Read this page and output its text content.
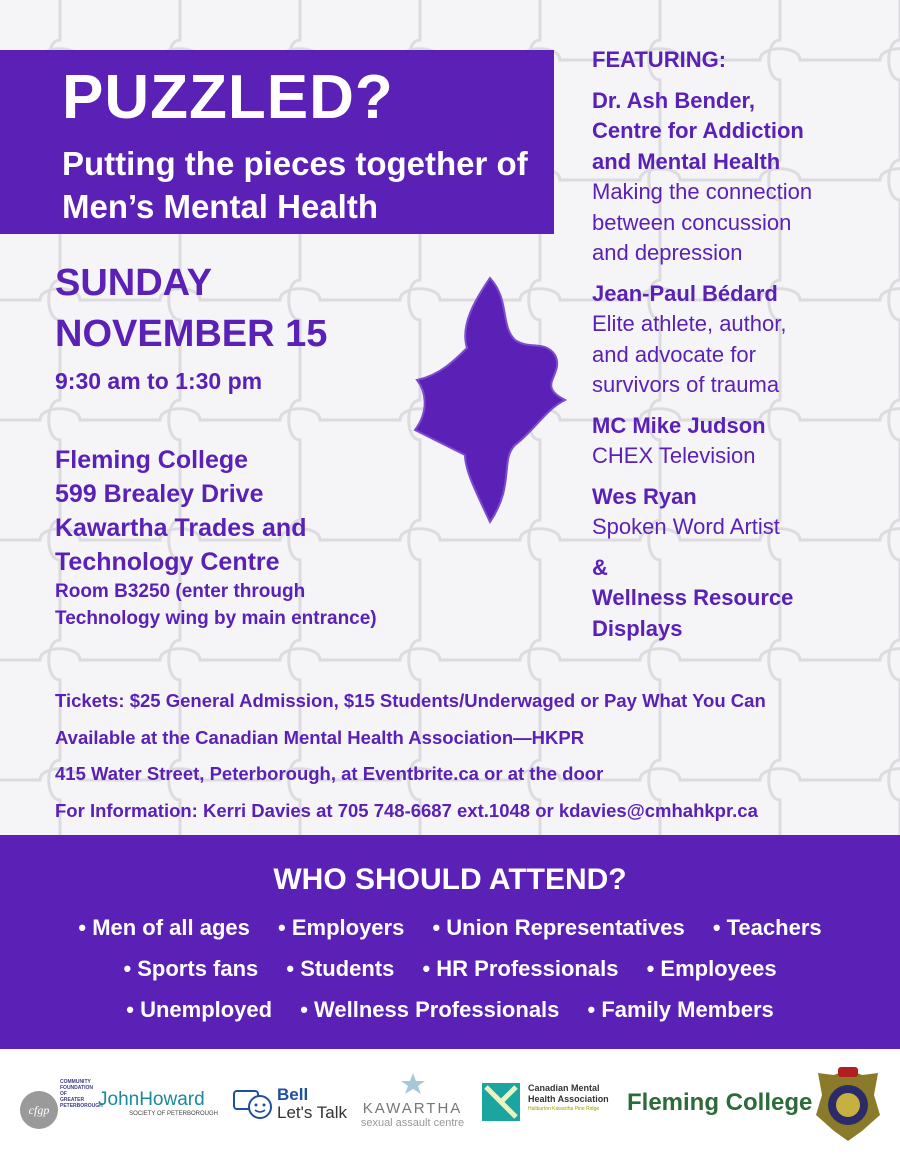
PUZZLED?
Putting the pieces together of Men’s Mental Health
SUNDAY
NOVEMBER 15
9:30 am to 1:30 pm
Fleming College
599 Brealey Drive
Kawartha Trades and
Technology Centre
Room B3250 (enter through
Technology wing by main entrance)
FEATURING:
Dr. Ash Bender,
Centre for Addiction
and Mental Health
Making the connection
between concussion
and depression
Jean-Paul Bédard
Elite athlete, author,
and advocate for
survivors of trauma
MC Mike Judson
CHEX Television
Wes Ryan
Spoken Word Artist
&
Wellness Resource
Displays
Tickets: $25 General Admission, $15 Students/Underwaged or Pay What You Can
Available at the Canadian Mental Health Association—HKPR
415 Water Street, Peterborough, at Eventbrite.ca or at the door
For Information: Kerri Davies at 705 748-6687 ext.1048 or kdavies@cmhahkpr.ca
WHO SHOULD ATTEND?
• Men of all ages • Employers • Union Representatives • Teachers
• Sports fans • Students • HR Professionals • Employees
• Unemployed • Wellness Professionals • Family Members
cfgp
COMMUNITY
FOUNDATION
OF GREATER
PETERBOROUGH
JohnHoward
SOCIETY OF PETERBOROUGH
Bell
Let's Talk KAWARTHA
sexual assault centre
Canadian Mental
Health Association
Haliburton Kawartha Pine Ridge Fleming College
